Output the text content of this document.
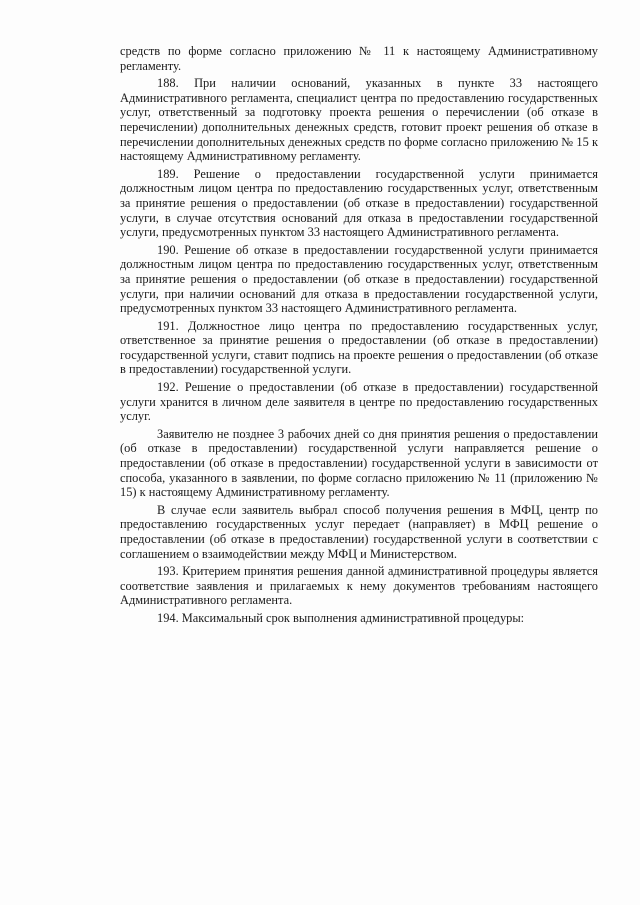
средств по форме согласно приложению № 11 к настоящему Административному регламенту.

188. При наличии оснований, указанных в пункте 33 настоящего Административного регламента, специалист центра по предоставлению государственных услуг, ответственный за подготовку проекта решения о перечислении (об отказе в перечислении) дополнительных денежных средств, готовит проект решения об отказе в перечислении дополнительных денежных средств по форме согласно приложению № 15 к настоящему Административному регламенту.

189. Решение о предоставлении государственной услуги принимается должностным лицом центра по предоставлению государственных услуг, ответственным за принятие решения о предоставлении (об отказе в предоставлении) государственной услуги, в случае отсутствия оснований для отказа в предоставлении государственной услуги, предусмотренных пунктом 33 настоящего Административного регламента.

190. Решение об отказе в предоставлении государственной услуги принимается должностным лицом центра по предоставлению государственных услуг, ответственным за принятие решения о предоставлении (об отказе в предоставлении) государственной услуги, при наличии оснований для отказа в предоставлении государственной услуги, предусмотренных пунктом 33 настоящего Административного регламента.

191. Должностное лицо центра по предоставлению государственных услуг, ответственное за принятие решения о предоставлении (об отказе в предоставлении) государственной услуги, ставит подпись на проекте решения о предоставлении (об отказе в предоставлении) государственной услуги.

192. Решение о предоставлении (об отказе в предоставлении) государственной услуги хранится в личном деле заявителя в центре по предоставлению государственных услуг.

Заявителю не позднее 3 рабочих дней со дня принятия решения о предоставлении (об отказе в предоставлении) государственной услуги направляется решение о предоставлении (об отказе в предоставлении) государственной услуги в зависимости от способа, указанного в заявлении, по форме согласно приложению № 11 (приложению № 15) к настоящему Административному регламенту.

В случае если заявитель выбрал способ получения решения в МФЦ, центр по предоставлению государственных услуг передает (направляет) в МФЦ решение о предоставлении (об отказе в предоставлении) государственной услуги в соответствии с соглашением о взаимодействии между МФЦ и Министерством.

193. Критерием принятия решения данной административной процедуры является соответствие заявления и прилагаемых к нему документов требованиям настоящего Административного регламента.

194. Максимальный срок выполнения административной процедуры:
